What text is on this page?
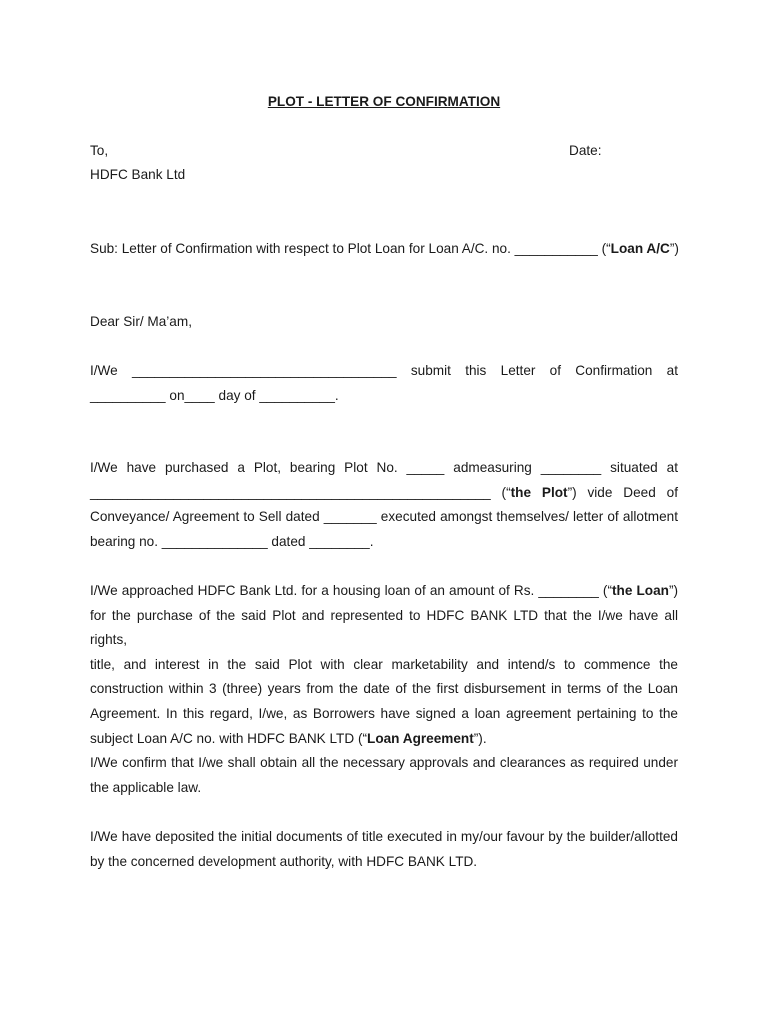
PLOT - LETTER OF CONFIRMATION
To,	Date:
HDFC Bank Ltd
Sub: Letter of Confirmation with respect to Plot Loan for Loan A/C. no. ___________ (“Loan A/C”)
Dear Sir/ Ma’am,
I/We ___________________________________ submit this Letter of Confirmation at
__________ on____ day of __________.
I/We have purchased a Plot, bearing Plot No. _____ admeasuring ________ situated at
_____________________________________________________ (“the Plot”) vide Deed of
Conveyance/ Agreement to Sell dated _______ executed amongst themselves/ letter of allotment
bearing no. ______________ dated ________.
I/We approached HDFC Bank Ltd. for a housing loan of an amount of Rs. ________ (“the Loan”)
for the purchase of the said Plot and represented to HDFC BANK LTD that the I/we have all rights,
title, and interest in the said Plot with clear marketability and intend/s to commence the
construction within 3 (three) years from the date of the first disbursement in terms of the Loan
Agreement. In this regard, I/we, as Borrowers have signed a loan agreement pertaining to the
subject Loan A/C no. with HDFC BANK LTD (“Loan Agreement”).
I/We confirm that I/we shall obtain all the necessary approvals and clearances as required under
the applicable law.
I/We have deposited the initial documents of title executed in my/our favour by the builder/allotted
by the concerned development authority, with HDFC BANK LTD.
